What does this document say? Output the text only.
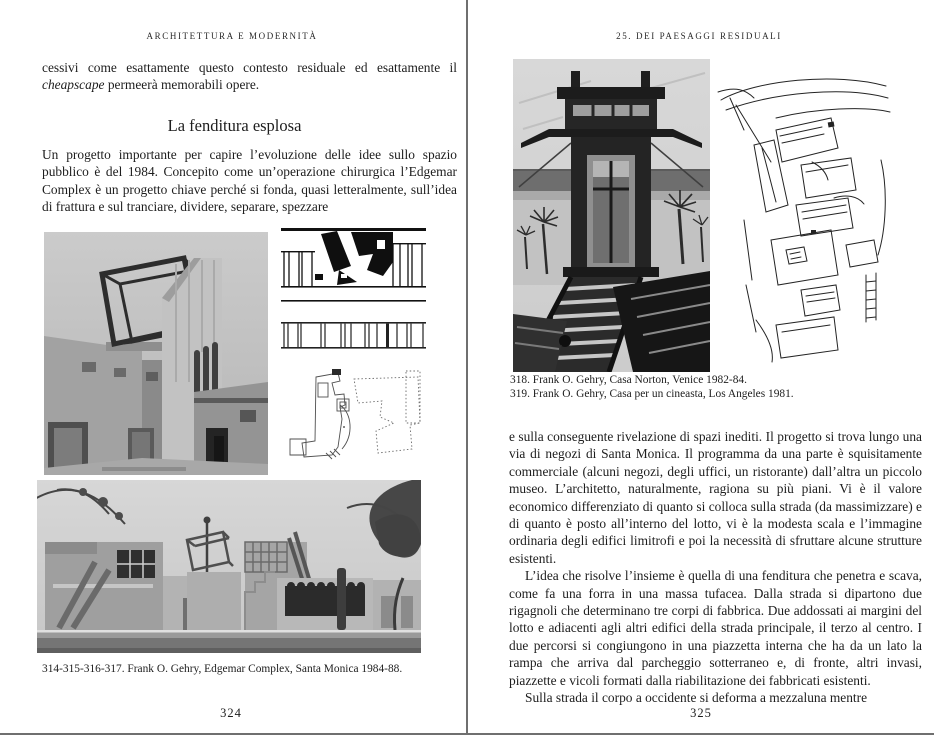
ARCHITETTURA E MODERNITÀ

cessivi come esattamente questo contesto residuale ed esattamente il cheapscape permeerà memorabili opere.

La fenditura esplosa

Un progetto importante per capire l’evoluzione delle idee sullo spazio pubblico è del 1984. Concepito come un’operazione chirurgica l’Edgemar Complex è un progetto chiave perché si fonda, quasi letteralmente, sull’idea di frattura e sul tranciare, dividere, separare, spezzare

314-315-316-317. Frank O. Gehry, Edgemar Complex, Santa Monica 1984-88.
324
25. DEI PAESAGGI RESIDUALI
318. Frank O. Gehry, Casa Norton, Venice 1982-84.
319. Frank O. Gehry, Casa per un cineasta, Los Angeles 1981.

e sulla conseguente rivelazione di spazi inediti. Il progetto si trova lungo una via di negozi di Santa Monica. Il programma da una parte è squisitamente commerciale (alcuni negozi, degli uffici, un ristorante) dall’altra un piccolo museo. L’architetto, naturalmente, ragiona su più piani. Vi è il valore economico differenziato di quanto si colloca sulla strada (da massimizzare) e di quanto è posto all’interno del lotto, vi è la modesta scala e l’immagine ordinaria degli edifici limitrofi e poi la necessità di sfruttare alcune strutture esistenti.

L’idea che risolve l’insieme è quella di una fenditura che penetra e scava, come fa una forra in una massa tufacea. Dalla strada si dipartono due rigagnoli che determinano tre corpi di fabbrica. Due addossati ai margini del lotto e adiacenti agli altri edifici della strada principale, il terzo al centro. I due percorsi si congiungono in una piazzetta interna che ha da un lato la rampa che arriva dal parcheggio sotterraneo e, di fronte, altri invasi, piazzette e vicoli formati dalla riabilitazione dei fabbricati esistenti.

Sulla strada il corpo a occidente si deforma a mezzaluna mentre

325
